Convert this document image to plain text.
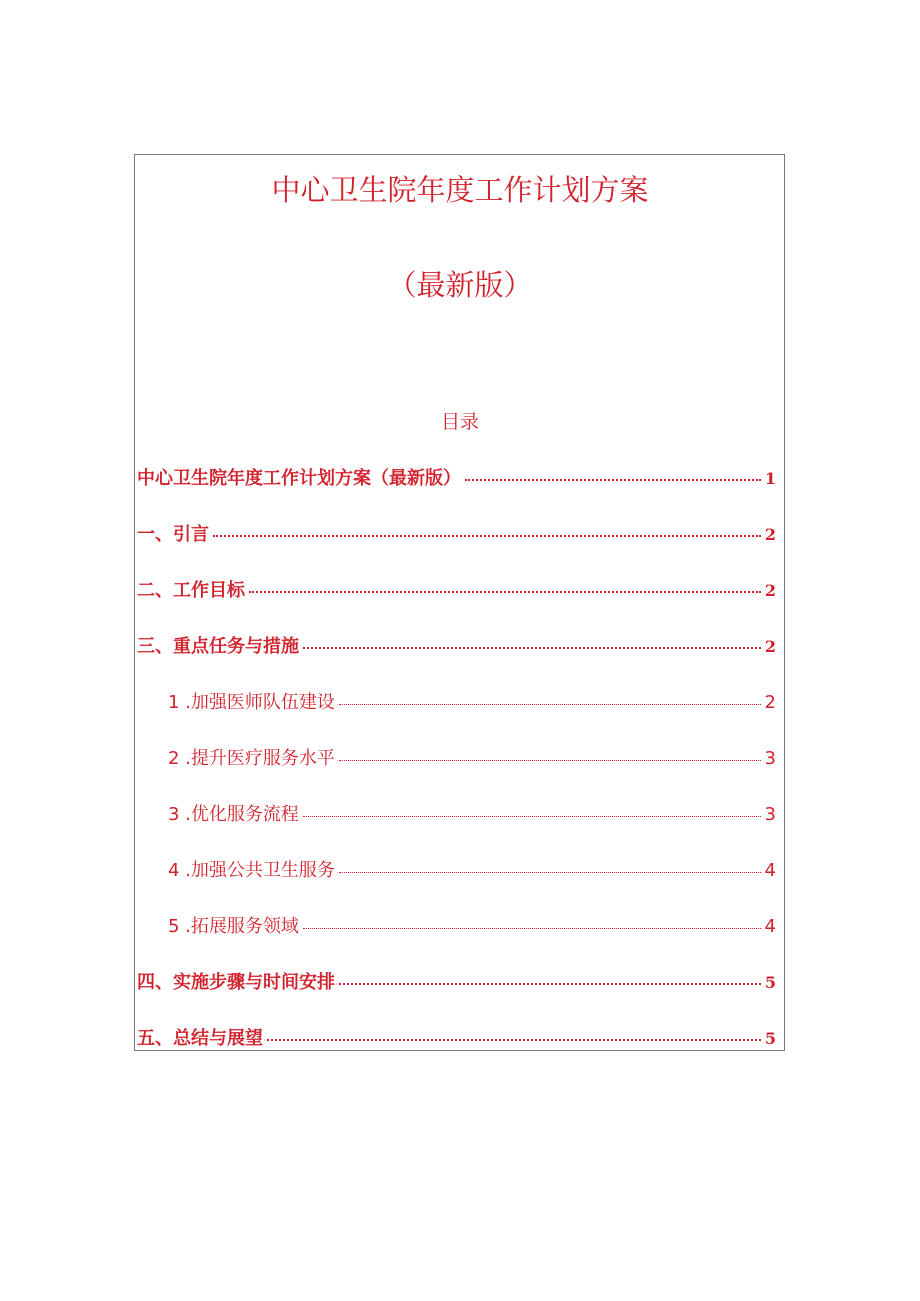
中心卫生院年度工作计划方案
（最新版）
目录
中心卫生院年度工作计划方案（最新版）	1
一、引言	2
二、工作目标	2
三、重点任务与措施	2
1 .加强医师队伍建设	2
2 .提升医疗服务水平	3
3 .优化服务流程	3
4 .加强公共卫生服务	4
5 .拓展服务领域	4
四、实施步骤与时间安排	5
五、总结与展望	5
